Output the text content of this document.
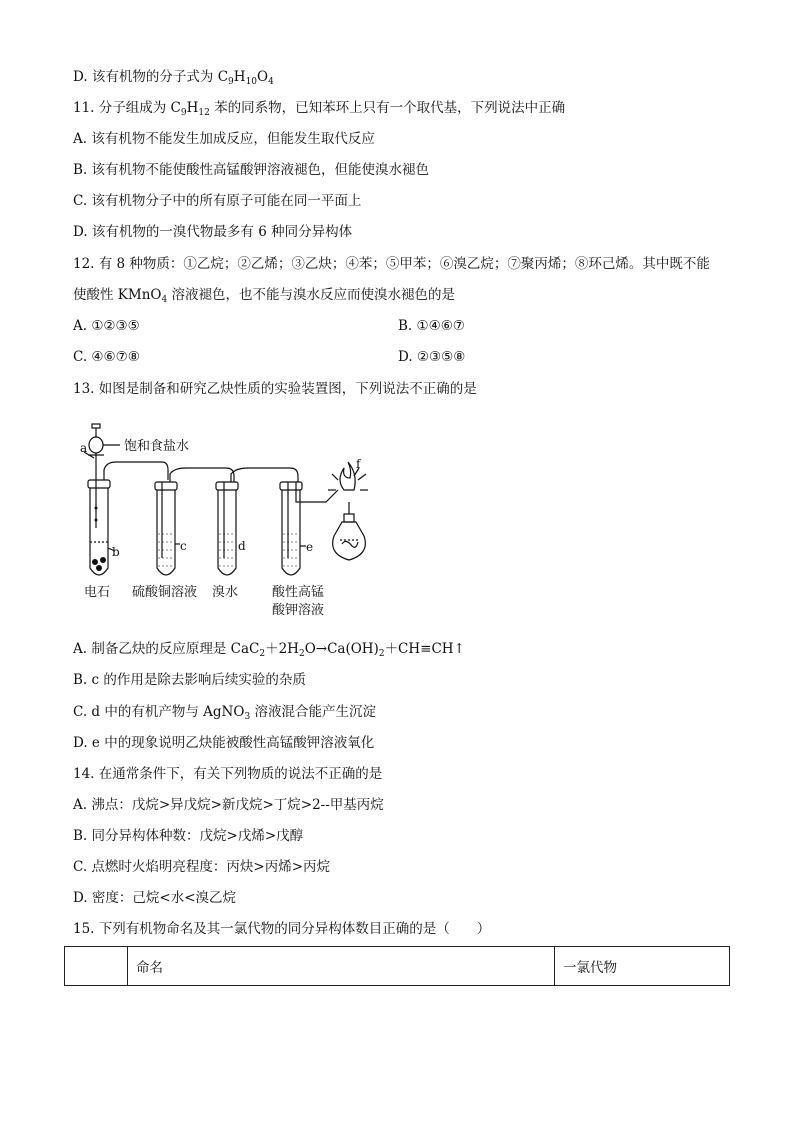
D. 该有机物的分子式为 $C_9H_{10}O_4$
11. 分子组成为 $C_9H_{12}$ 苯的同系物，已知苯环上只有一个取代基，下列说法中正确
A. 该有机物不能发生加成反应，但能发生取代反应
B. 该有机物不能使酸性高锰酸钾溶液褪色，但能使溴水褪色
C. 该有机物分子中的所有原子可能在同一平面上
D. 该有机物的一溴代物最多有 6 种同分异构体
12. 有 8 种物质：①乙烷；②乙烯；③乙炔；④苯；⑤甲苯；⑥溴乙烷；⑦聚丙烯；⑧环己烯。其中既不能
使酸性 KMnO$_4$ 溶液褪色，也不能与溴水反应而使溴水褪色的是
A. ①②③⑤	B. ①④⑥⑦
C. ④⑥⑦⑧	D. ②③⑤⑧
13. 如图是制备和研究乙炔性质的实验装置图，下列说法不正确的是
a	饱和食盐水
b	c	d	e
f
电石 硫酸铜溶液 溴水	酸性高锰
酸钾溶液
A. 制备乙炔的反应原理是 $CaC_2+2H_2O\to Ca(OH)_2+CH\equiv CH↑$
B. c 的作用是除去影响后续实验的杂质
C. d 中的有机产物与 AgNO$_3$ 溶液混合能产生沉淀
D. e 中的现象说明乙炔能被酸性高锰酸钾溶液氧化
14. 在通常条件下，有关下列物质的说法不正确的是
A. 沸点：戊烷>异戊烷>新戊烷>丁烷>2--甲基丙烷
B. 同分异构体种数：戊烷>戊烯>戊醇
C. 点燃时火焰明亮程度：丙炔>丙烯>丙烷
D. 密度：己烷<水<溴乙烷
15. 下列有机物命名及其一氯代物的同分异构体数目正确的是（　　）
	命名	一氯代物
